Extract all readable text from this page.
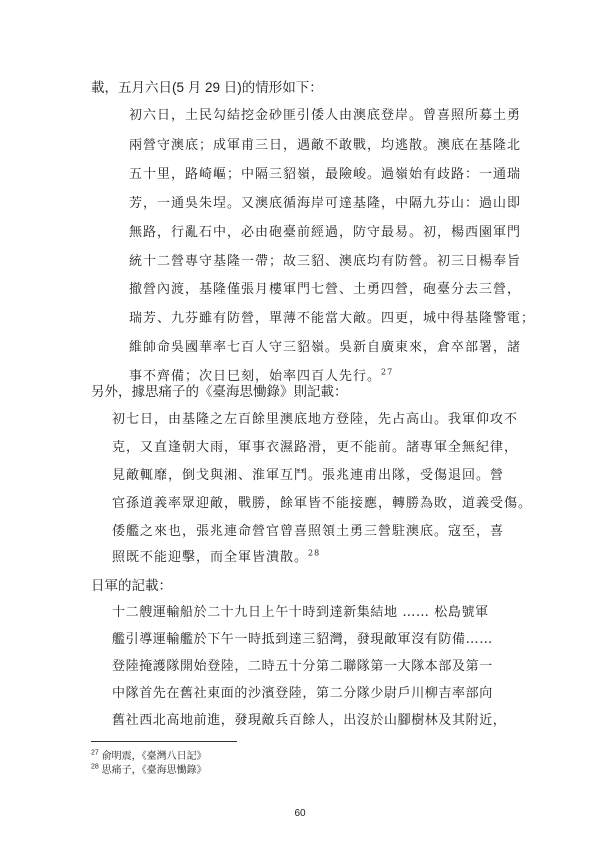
載，五月六日(5 月 29 日)的情形如下：
初六日，土民勾結挖金砂匪引倭人由澳底登岸。曾喜照所募土勇
兩營守澳底；成軍甫三日，遇敵不敢戰，均逃散。澳底在基隆北
五十里，路崎嶇；中隔三貂嶺，最險峻。過嶺始有歧路：一通瑞
芳，一通吳朱埕。又澳底循海岸可達基隆，中隔九芬山：過山即
無路，行亂石中，必由砲臺前經過，防守最易。初，楊西園軍門
統十二營專守基隆一帶；故三貂、澳底均有防營。初三日楊奉旨
撤營內渡，基隆僅張月樓軍門七營、土勇四營，砲臺分去三營，
瑞芳、九芬雖有防營，單薄不能當大敵。四更，城中得基隆警電；
維帥命吳國華率七百人守三貂嶺。吳新自廣東來，倉卒部署，諸
事不齊備；次日巳刻，始率四百人先行。$^{27}$
另外，據思痛子的《臺海思慟錄》則記載：
初七日，由基隆之左百餘里澳底地方登陸，先占高山。我軍仰攻不
克，又直逢朝大雨，軍事衣濕路滑，更不能前。諸專軍全無紀律，
見敵輒靡，倒戈與湘、淮軍互鬥。張兆連甫出隊，受傷退回。營
官孫道義率眾迎敵，戰勝，餘軍皆不能接應，轉勝為敗，道義受傷。
倭艦之來也，張兆連命營官曾喜照領土勇三營駐澳底。寇至，喜
照既不能迎擊，而全軍皆潰散。$^{28}$
日軍的記載：
十二艘運輸船於二十九日上午十時到達新集結地 …… 松島號軍
艦引導運輸艦於下午一時抵到達三貂灣，發現敵軍沒有防備……
登陸掩護隊開始登陸，二時五十分第二聯隊第一大隊本部及第一
中隊首先在舊社東面的沙濱登陸，第二分隊少尉戶川柳吉率部向
舊社西北高地前進，發現敵兵百餘人，出沒於山腳樹林及其附近，
$^{27}$ 俞明震，《臺灣八日記》
$^{28}$ 思痛子，《臺海思慟錄》
60
